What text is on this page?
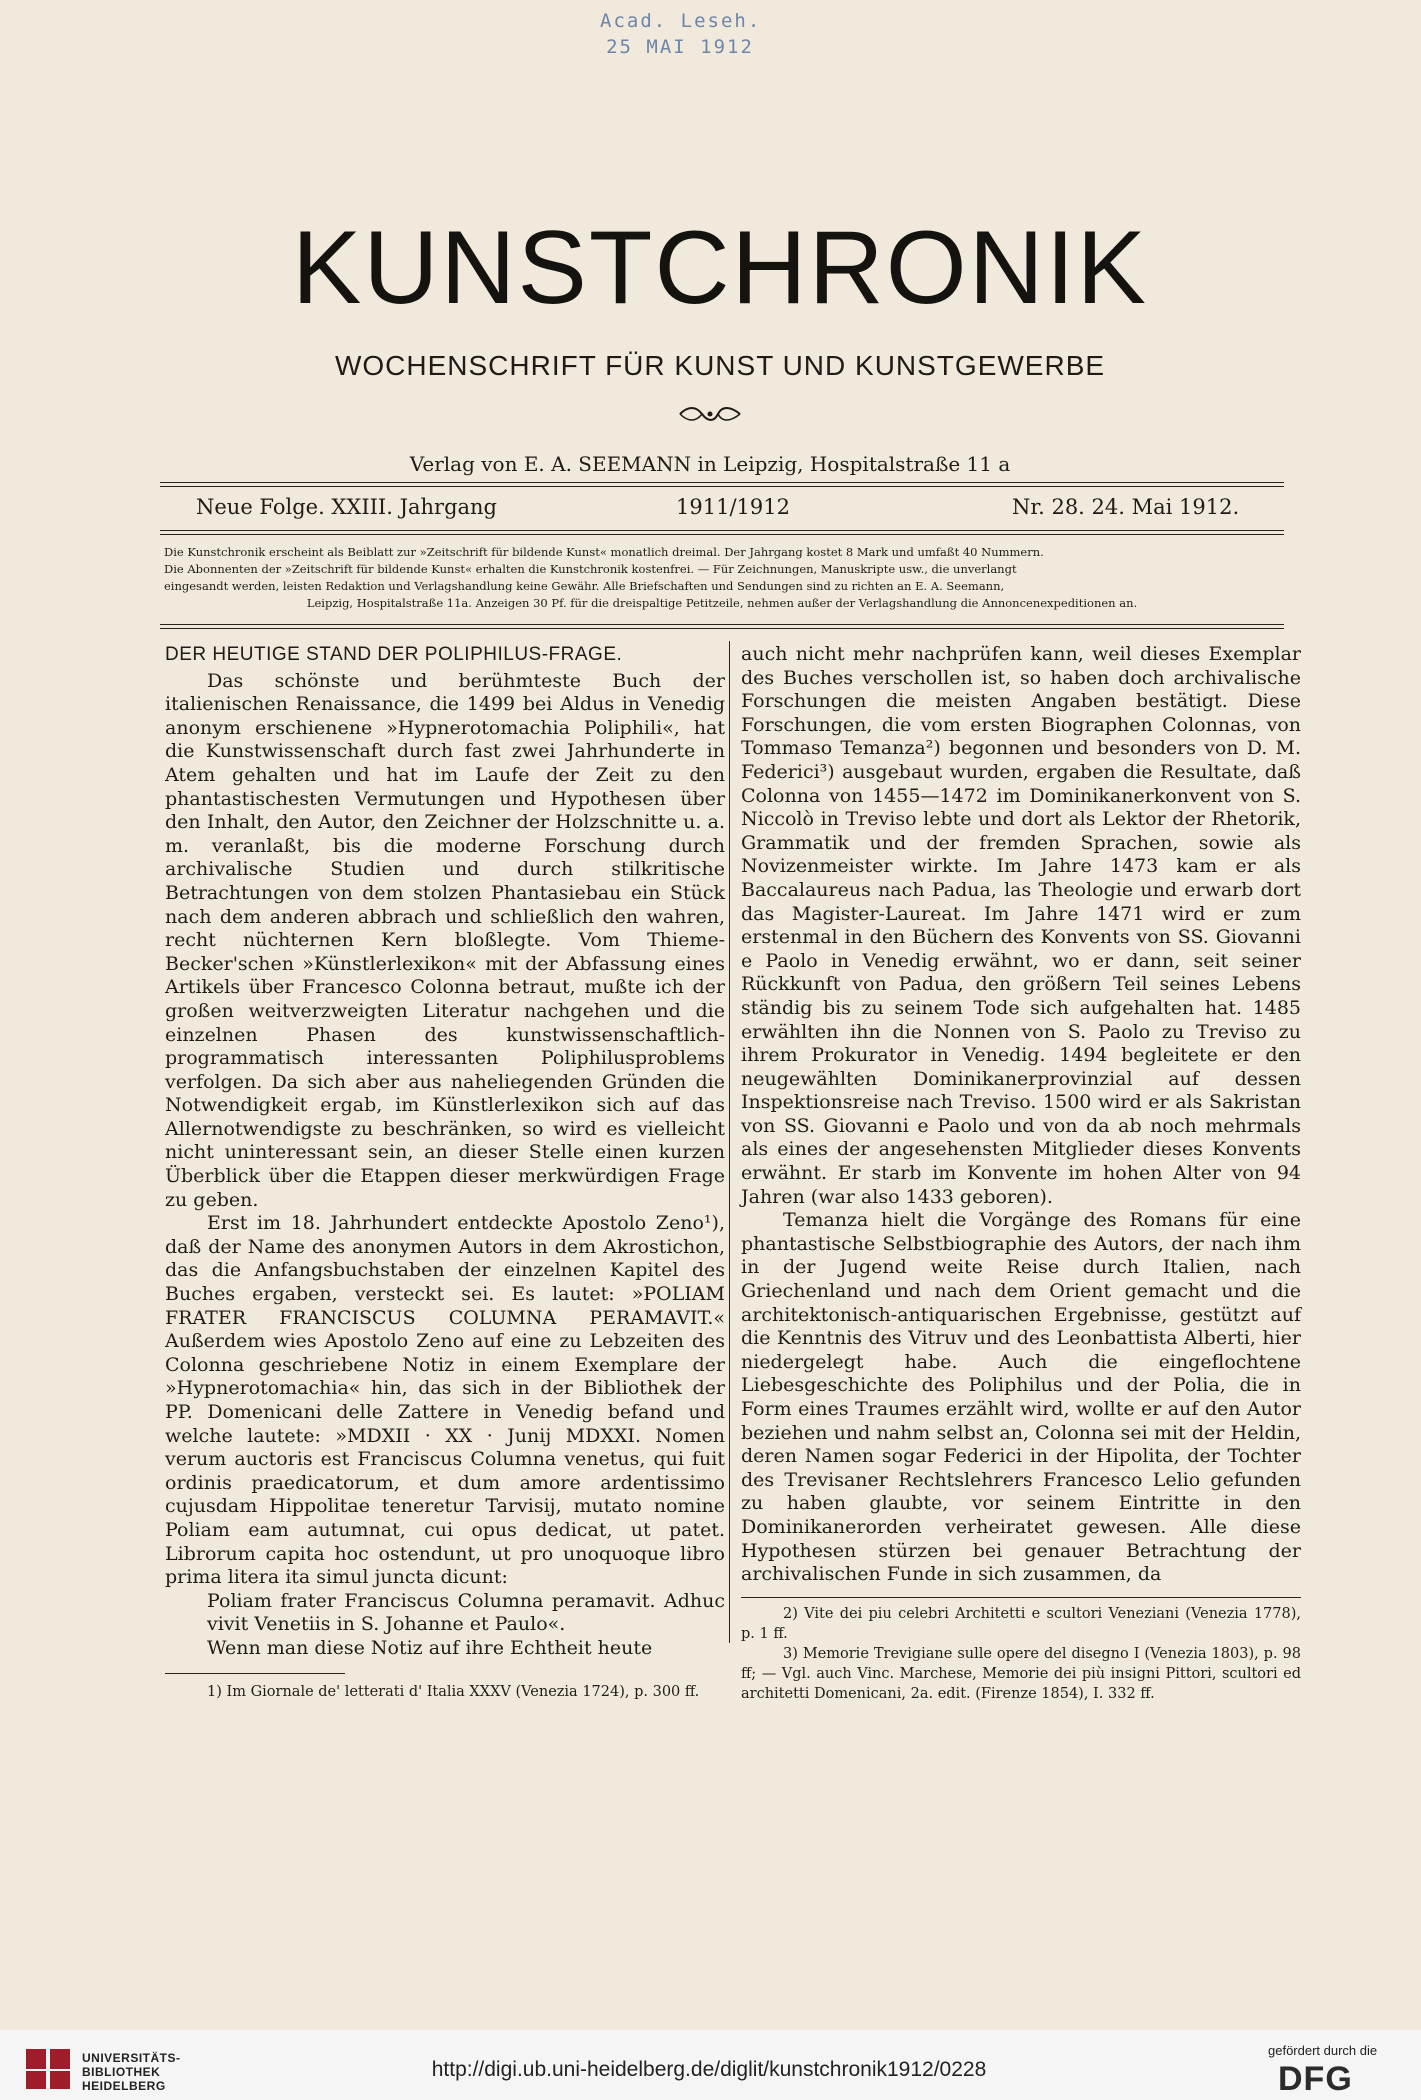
Acad. Leseh.
25 MAI 1912
KUNSTCHRONIK
WOCHENSCHRIFT FÜR KUNST UND KUNSTGEWERBE
Verlag von E. A. SEEMANN in Leipzig, Hospitalstraße 11 a
Neue Folge. XXIII. Jahrgang	1911/1912	Nr. 28. 24. Mai 1912.

Die Kunstchronik erscheint als Beiblatt zur »Zeitschrift für bildende Kunst« monatlich dreimal. Der Jahrgang kostet 8 Mark und umfaßt 40 Nummern.

Die Abonnenten der »Zeitschrift für bildende Kunst« erhalten die Kunstchronik kostenfrei. — Für Zeichnungen, Manuskripte usw., die unverlangt

eingesandt werden, leisten Redaktion und Verlagshandlung keine Gewähr. Alle Briefschaften und Sendungen sind zu richten an E. A. Seemann,

Leipzig, Hospitalstraße 11a. Anzeigen 30 Pf. für die dreispaltige Petitzeile, nehmen außer der Verlagshandlung die Annoncenexpeditionen an.

DER HEUTIGE STAND DER POLIPHILUS-FRAGE.

Das schönste und berühmteste Buch der italienischen Renaissance, die 1499 bei Aldus in Venedig anonym erschienene »Hypnerotomachia Poliphili«, hat die Kunstwissenschaft durch fast zwei Jahrhunderte in Atem gehalten und hat im Laufe der Zeit zu den phantastischesten Vermutungen und Hypothesen über den Inhalt, den Autor, den Zeichner der Holzschnitte u. a. m. veranlaßt, bis die moderne Forschung durch archivalische Studien und durch stilkritische Betrachtungen von dem stolzen Phantasiebau ein Stück nach dem anderen abbrach und schließlich den wahren, recht nüchternen Kern bloßlegte. Vom Thieme-Becker'schen »Künstlerlexikon« mit der Abfassung eines Artikels über Francesco Colonna betraut, mußte ich der großen weitverzweigten Literatur nachgehen und die einzelnen Phasen des kunstwissenschaftlich-programmatisch interessanten Poliphilusproblems verfolgen. Da sich aber aus naheliegenden Gründen die Notwendigkeit ergab, im Künstlerlexikon sich auf das Allernotwendigste zu beschränken, so wird es vielleicht nicht uninteressant sein, an dieser Stelle einen kurzen Überblick über die Etappen dieser merkwürdigen Frage zu geben.

Erst im 18. Jahrhundert entdeckte Apostolo Zeno¹), daß der Name des anonymen Autors in dem Akrostichon, das die Anfangsbuchstaben der einzelnen Kapitel des Buches ergaben, versteckt sei. Es lautet: »POLIAM FRATER FRANCISCUS COLUMNA PERAMAVIT.« Außerdem wies Apostolo Zeno auf eine zu Lebzeiten des Colonna geschriebene Notiz in einem Exemplare der »Hypnerotomachia« hin, das sich in der Bibliothek der PP. Domenicani delle Zattere in Venedig befand und welche lautete: »MDXII · XX · Junij MDXXI. Nomen verum auctoris est Franciscus Columna venetus, qui fuit ordinis praedicatorum, et dum amore ardentissimo cujusdam Hippolitae teneretur Tarvisij, mutato nomine Poliam eam autumnat, cui opus dedicat, ut patet. Librorum capita hoc ostendunt, ut pro unoquoque libro prima litera ita simul juncta dicunt:

Poliam frater Franciscus Columna peramavit. Adhuc vivit Venetiis in S. Johanne et Paulo«.

Wenn man diese Notiz auf ihre Echtheit heute

1) Im Giornale de' letterati d' Italia XXXV (Venezia 1724), p. 300 ff.

auch nicht mehr nachprüfen kann, weil dieses Exemplar des Buches verschollen ist, so haben doch archivalische Forschungen die meisten Angaben bestätigt. Diese Forschungen, die vom ersten Biographen Colonnas, von Tommaso Temanza²) begonnen und besonders von D. M. Federici³) ausgebaut wurden, ergaben die Resultate, daß Colonna von 1455—1472 im Dominikanerkonvent von S. Niccolò in Treviso lebte und dort als Lektor der Rhetorik, Grammatik und der fremden Sprachen, sowie als Novizenmeister wirkte. Im Jahre 1473 kam er als Baccalaureus nach Padua, las Theologie und erwarb dort das Magister-Laureat. Im Jahre 1471 wird er zum erstenmal in den Büchern des Konvents von SS. Giovanni e Paolo in Venedig erwähnt, wo er dann, seit seiner Rückkunft von Padua, den größern Teil seines Lebens ständig bis zu seinem Tode sich aufgehalten hat. 1485 erwählten ihn die Nonnen von S. Paolo zu Treviso zu ihrem Prokurator in Venedig. 1494 begleitete er den neugewählten Dominikanerprovinzial auf dessen Inspektionsreise nach Treviso. 1500 wird er als Sakristan von SS. Giovanni e Paolo und von da ab noch mehrmals als eines der angesehensten Mitglieder dieses Konvents erwähnt. Er starb im Konvente im hohen Alter von 94 Jahren (war also 1433 geboren).

Temanza hielt die Vorgänge des Romans für eine phantastische Selbstbiographie des Autors, der nach ihm in der Jugend weite Reise durch Italien, nach Griechenland und nach dem Orient gemacht und die architektonisch-antiquarischen Ergebnisse, gestützt auf die Kenntnis des Vitruv und des Leonbattista Alberti, hier niedergelegt habe. Auch die eingeflochtene Liebesgeschichte des Poliphilus und der Polia, die in Form eines Traumes erzählt wird, wollte er auf den Autor beziehen und nahm selbst an, Colonna sei mit der Heldin, deren Namen sogar Federici in der Hipolita, der Tochter des Trevisaner Rechtslehrers Francesco Lelio gefunden zu haben glaubte, vor seinem Eintritte in den Dominikanerorden verheiratet gewesen. Alle diese Hypothesen stürzen bei genauer Betrachtung der archivalischen Funde in sich zusammen, da

2) Vite dei piu celebri Architetti e scultori Veneziani (Venezia 1778), p. 1 ff.

3) Memorie Trevigiane sulle opere del disegno I (Venezia 1803), p. 98 ff; — Vgl. auch Vinc. Marchese, Memorie dei più insigni Pittori, scultori ed architetti Domenicani, 2a. edit. (Firenze 1854), I. 332 ff.

UNIVERSITÄTS-
BIBLIOTHEK
HEIDELBERG
http://digi.ub.uni-heidelberg.de/diglit/kunstchronik1912/0228
gefördert durch die
DFG
